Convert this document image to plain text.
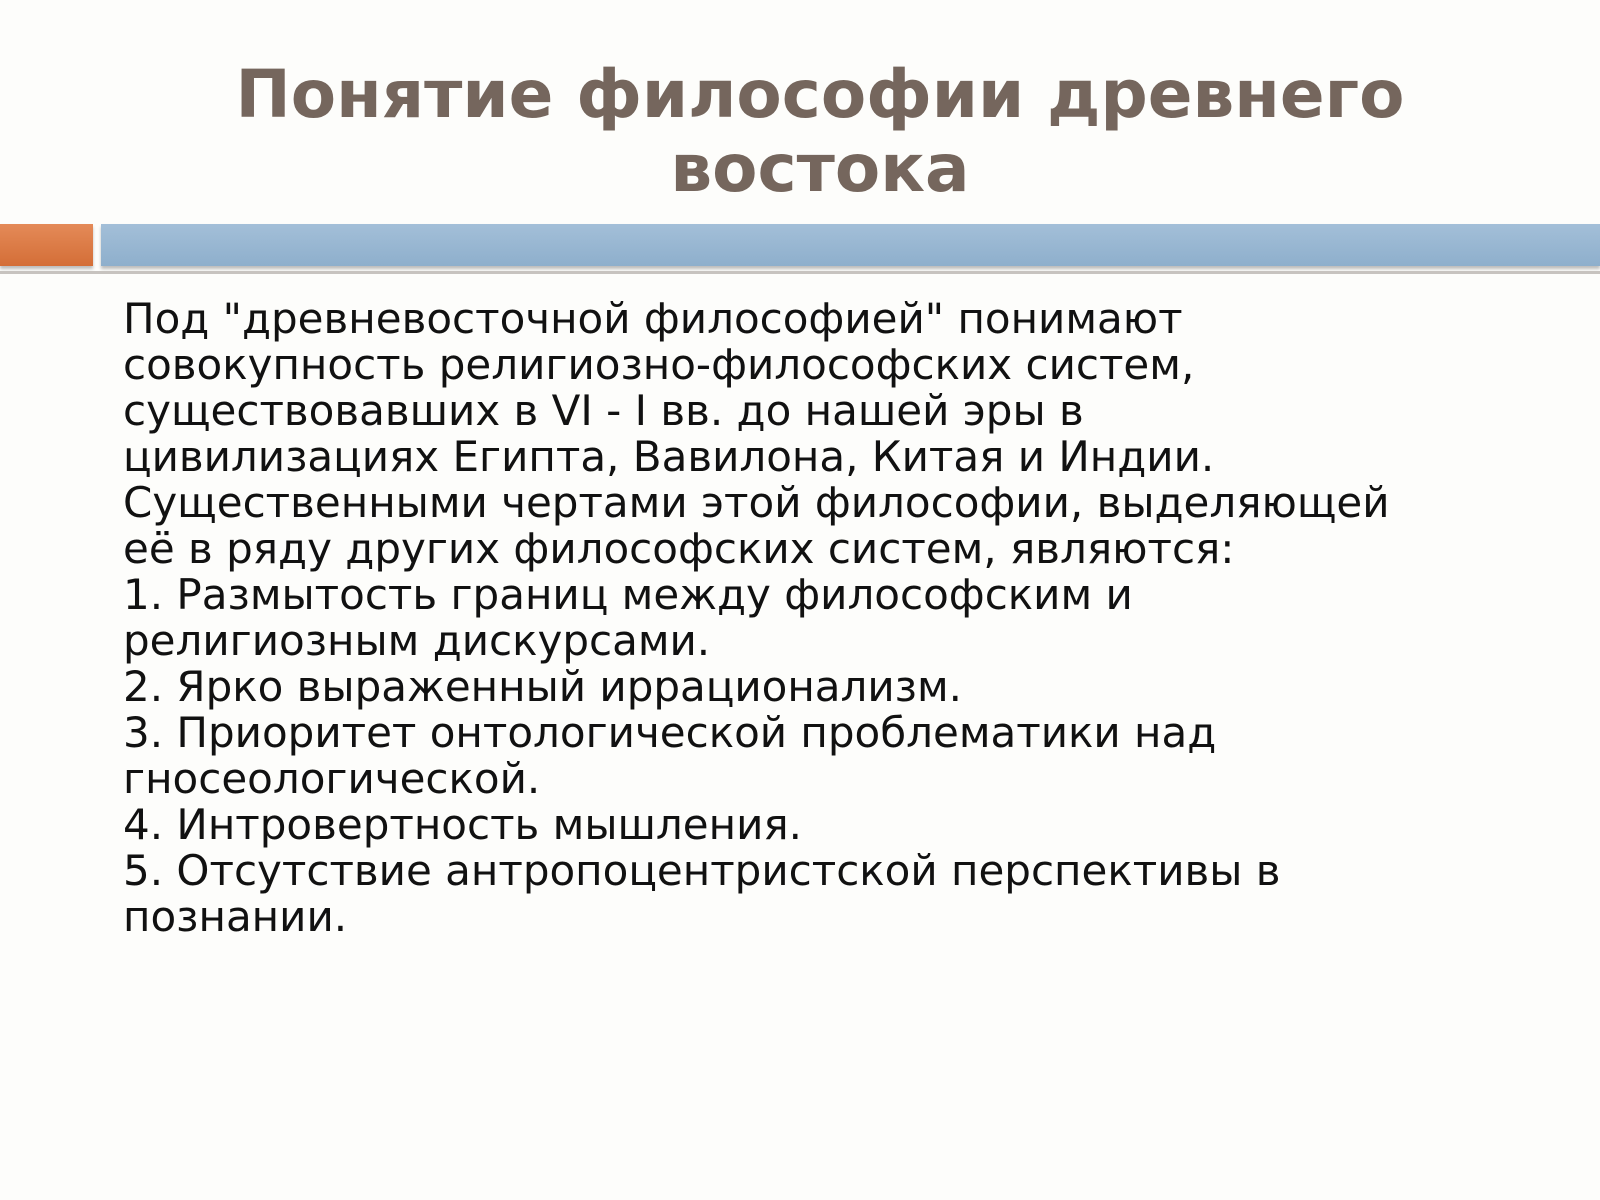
Понятие философии древнего
востока

Под "древневосточной философией" понимают
совокупность религиозно-философских систем,
существовавших в VI - I вв. до нашей эры в
цивилизациях Египта, Вавилона, Китая и Индии.
Существенными чертами этой философии, выделяющей
её в ряду других философских систем, являются:

1. Размытость границ между философским и
религиозным дискурсами.

2. Ярко выраженный иррационализм.

3. Приоритет онтологической проблематики над
гносеологической.

4. Интровертность мышления.

5. Отсутствие антропоцентристской перспективы в
познании.
